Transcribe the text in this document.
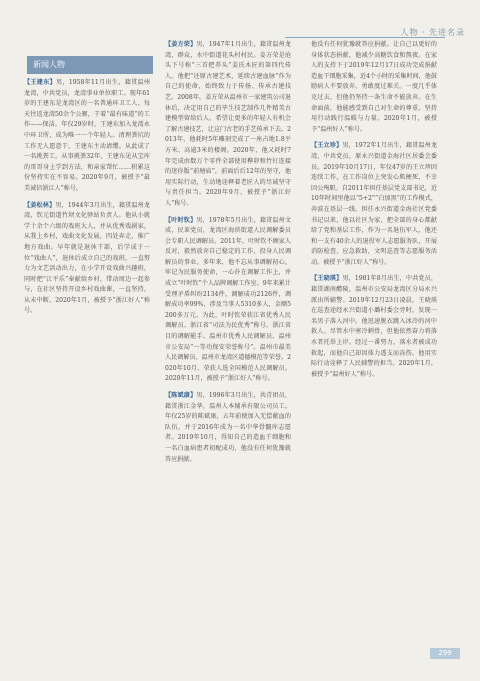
人物 · 先进名录
新闻人物

【王建东】男，1958年11月出生，籍贯温州龙湾，中共党员，龙湾事业单位职工。现年61岁的王建东是龙湾区的一名普通环卫工人。每天往返龙湾50余个公厕，干着“最有味道”的工作——保洁。年仅29岁时，王建东加入龙湾永中环卫所，成为唯一一个年轻人。清理粪坑的工作无人愿意干，王建东主动请缨。从此成了一名挑粪工。从事挑粪32年，王建东见从宝库的哥哥身上学到方法，和亲家帮忙……积累这份坚持实在不容易。2020年9月，被授予“最美诚信浙江人”称号。

【姜松林】男，1944年3月出生，籍贯温州龙湾，钦元街道竹坝文化驿站负责人。他从小就学十余个六级的戏班大人，并从优秀戏剧家，从我上乡村，戏曲文化发展，四处奔走，推广地方戏曲。早年就是退休干部，后学成于一位“戏曲人”，退休后成立自己的戏班，一直努力为文艺活动出力，在小学开设戏曲兴趣班，同时把“江平乐”奉献给乡村，带动周边一起参与，在社区坚持开设乡村戏曲课，一直坚持，从未中断。2020年1月，被授予“浙江好人”称号。

【姜方荣】男，1947年1月出生，籍贯温州龙湾，群众，水中街道花头村村民。姜方荣是沧头下号称“三首把养头”姜氏木匠的第四代传人。他把“还原古建艺术，延续古建血脉”作为自己的使命，始终致力于传扬、传承古建技艺。2008年，姜方荣从温州市一家建筑公司退休后，决定用自己的毕生技艺制作几件精美古建模型留给后人。希望让更多的年轻人有机会了解古建技艺，让这门古老的手艺传承下去。2013年，他耗时5年雕刻完成了一座占地1.8平方米、高逾3米的楼阁。2020年，他又耗时7年完成由数万个零件全部使用榫卯和竹钉连接的迷你版“前塘庙”，前面后后12年的坚守，他用实际行动，生动地诠释着老匠人的尽诚坚守与责任担当。2020年9月，被授予“浙江好人”称号。

【叶时钦】男，1978年5月出生，籍贯温州文成，民革党员，龙湾区海滨街道人民调解委员会专职人民调解员。2011年，叶时钦不顾家人反对，毅然放弃自己稳定的工作，投身人民调解员的事业。多年来，他不忘从事调解初心，牢记为民服务使命，一心扑在调解工作上，并成立“叶时钦”个人品牌调解工作室。9年来累计受理矛盾纠纷2134件，调解成功2126件，调解成功率99%，涉及当事人5310多人，金额5200多万元。为此，叶时钦荣获江省优秀人民调解员、浙江省“司法为民优秀”称号，浙江省目的调解能手、温州市优秀人民调解员、温州市公安局“一等功保安荣誉称号”、温州市最美人民调解员、温州市龙湾区道德模范等荣誉。2020年10月，荣获人选全国模范人民调解员。2020年11月，被授予“浙江好人”称号。

【陈斌康】男，1996年3月出生，共青团员，籍贯浙江金华，温州人本辅承有限公司员工。年仅25岁的陈斌康，五年前便加入无偿献血的队伍，并于2016年成为一名中华骨髓库志愿者。2019年10月，得知自己的造血干细胞和一名白血病患者初配成功，他没有任何犹豫就答应捐献。

他没有任何犹豫就答应捐献。让自己以更好的身体状态捐献，他减少高糖饮食和熬夜。在家人的支持下于2019年12月17日成功完成捐献造血干细胞采集，近4个小时的采集时间，他鼓励病人不要放弃，勇敢度过难关。一度几乎体克过去，但他仍坚持一条生命不能放弃。在生命面前，他能感受到自己对生命的尊重。坚持用行动践行温暖与力量。2020年1月，被授予“温州好人”称号。

【王立珍】男，1972年1月出生，籍贯温州龙湾，中共党员，原永兴街道金海社区居委会委员。2019年10月17日，年仅47岁的王立珍因连续工作，在工作岗位上突发心肌梗死，不幸因公殉职。自2011年担任基层党支部书记，近10年时间里他以“5+2”“白加黑”的工作模式，奔波在基层一线。担任永兴街道金海社区党委书记以来，他以社区为家，把全部的身心都献给了党和基层工作，作为一名退伍军人，他还和一支有40余人的退役军人志愿服务队，开展消防检查，应急救助，文明巡查等志愿服务活动。被授予“浙江好人”称号。

【王晓瑛】男，1981年8月出生，中共党员，籍贯湖南醴陵，温州市公安局龙湾区分局永兴派出所辅警。2019年12月23日凌晨，王晓瑛在巡查途经永兴街道小璐村委会旁时，发现一名男子落入河中。他迅速脱衣跳入冰冷的河中救人。尽管水中寒冷刺骨，但他依然奋力将落水者托举上岸。经过一番努力，落水者被成功救起，而他自己却因体力透支而冻伤。他用实际行动诠释了人民辅警的担当。2020年1月，被授予“温州好人”称号。

299
